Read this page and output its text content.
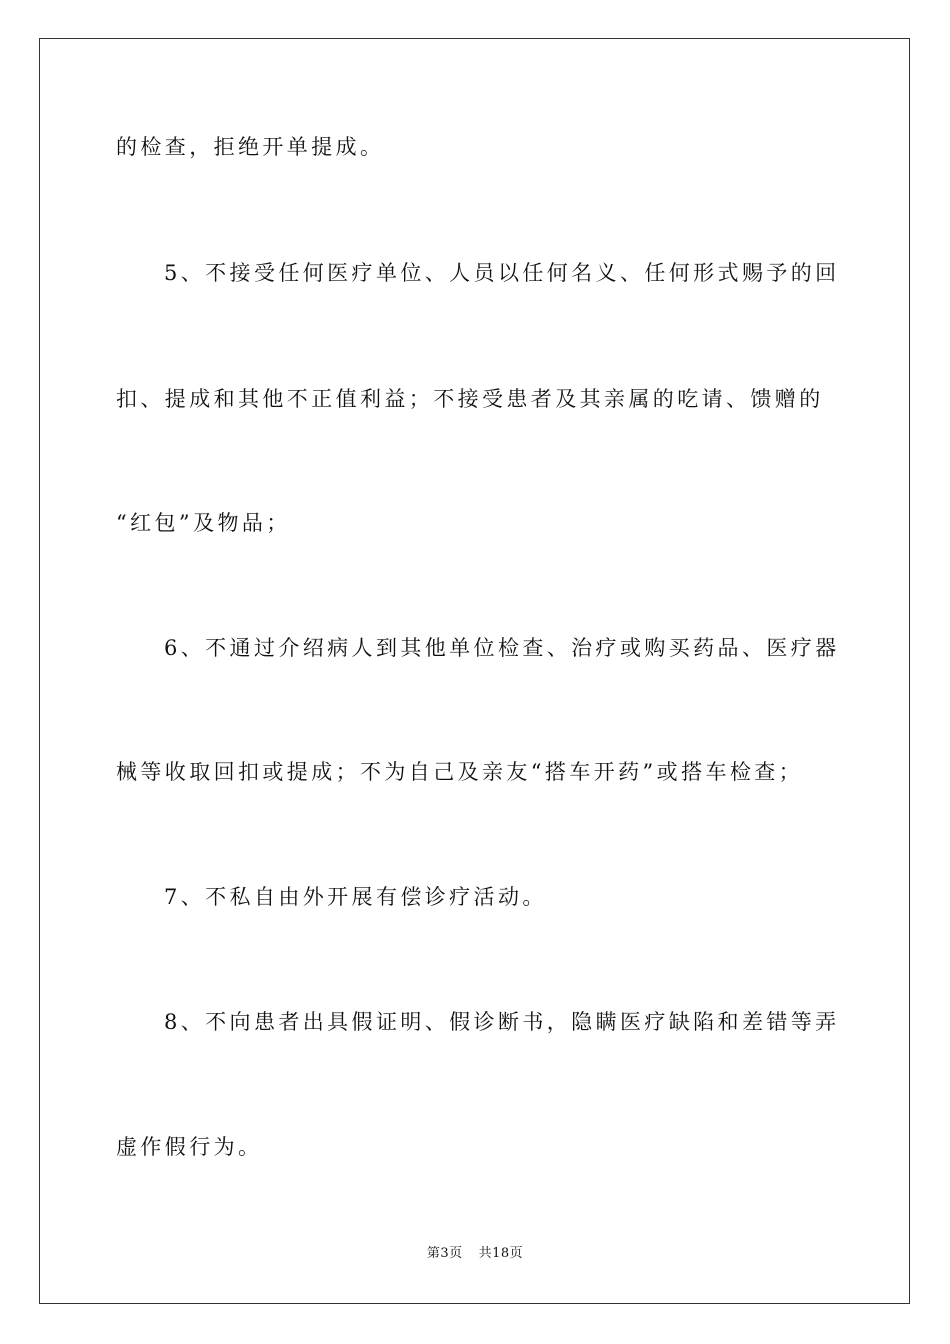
的检查，拒绝开单提成。
5、不接受任何医疗单位、人员以任何名义、任何形式赐予的回
扣、提成和其他不正值利益；不接受患者及其亲属的吃请、馈赠的
“红包”及物品；
6、不通过介绍病人到其他单位检查、治疗或购买药品、医疗器
械等收取回扣或提成；不为自己及亲友“搭车开药”或搭车检查；
7、不私自由外开展有偿诊疗活动。
8、不向患者出具假证明、假诊断书，隐瞒医疗缺陷和差错等弄
虚作假行为。
第3页 共18页
